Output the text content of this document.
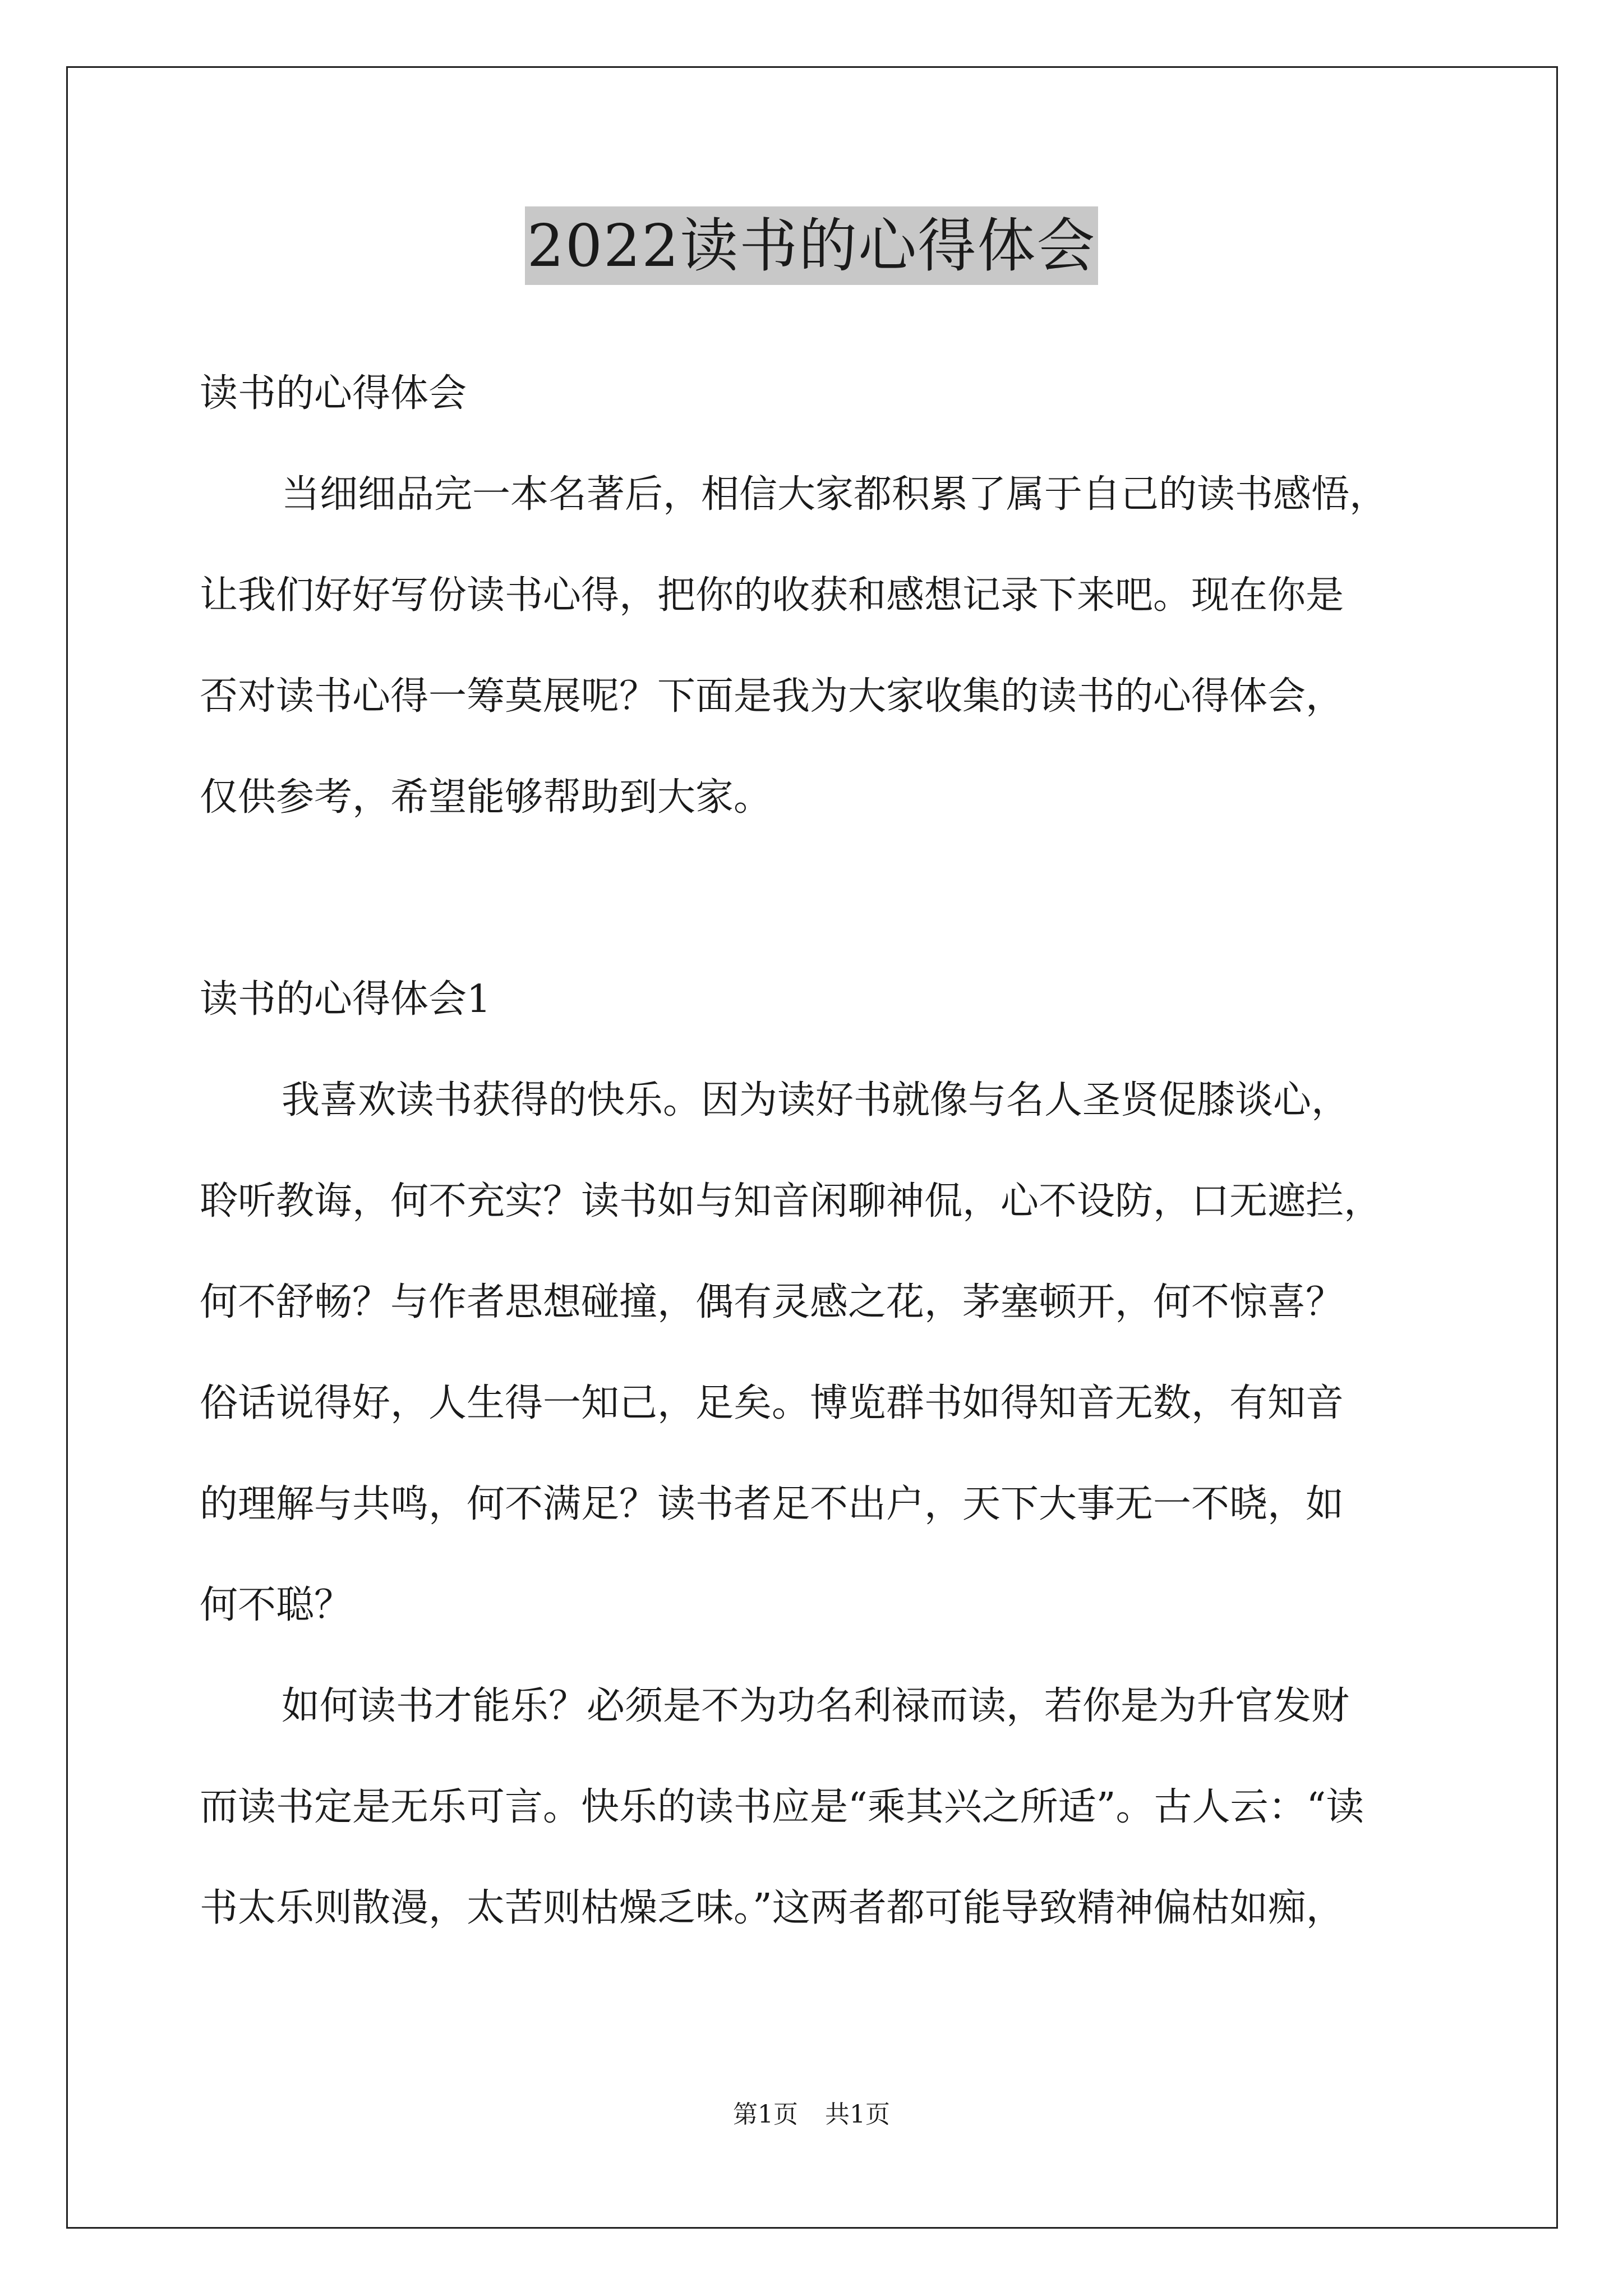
2022读书的心得体会
读书的心得体会
当细细品完一本名著后，相信大家都积累了属于自己的读书感悟，
让我们好好写份读书心得，把你的收获和感想记录下来吧。现在你是
否对读书心得一筹莫展呢？下面是我为大家收集的读书的心得体会，
仅供参考，希望能够帮助到大家。
读书的心得体会1
我喜欢读书获得的快乐。因为读好书就像与名人圣贤促膝谈心，
聆听教诲，何不充实？读书如与知音闲聊神侃，心不设防，口无遮拦，
何不舒畅？与作者思想碰撞，偶有灵感之花，茅塞顿开，何不惊喜？
俗话说得好，人生得一知己，足矣。博览群书如得知音无数，有知音
的理解与共鸣，何不满足？读书者足不出户，天下大事无一不晓，如
何不聪？
如何读书才能乐？必须是不为功名利禄而读，若你是为升官发财
而读书定是无乐可言。快乐的读书应是“乘其兴之所适”。古人云：“读
书太乐则散漫，太苦则枯燥乏味。”这两者都可能导致精神偏枯如痴，
第1页 共1页
